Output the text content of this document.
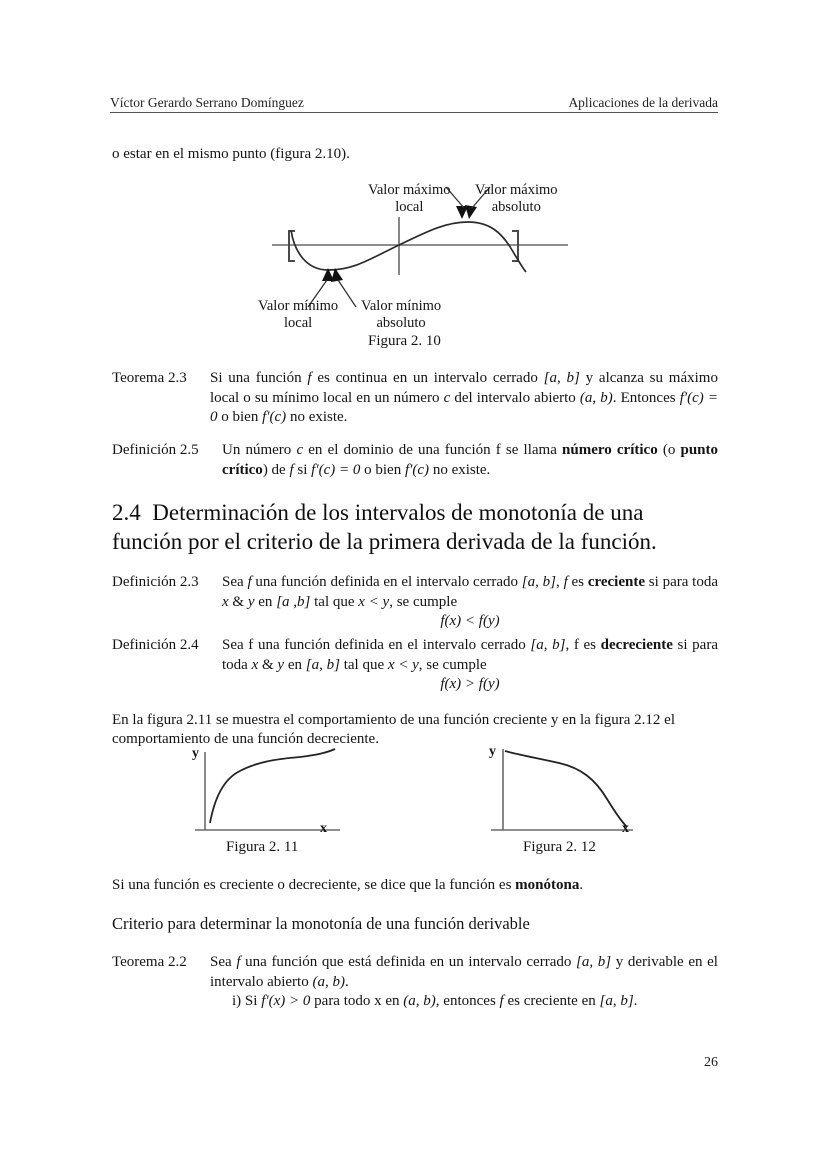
Víctor Gerardo Serrano Domínguez	Aplicaciones de la derivada
o estar en el mismo punto (figura 2.10).
Valor máximo
local
Valor máximo
absoluto
Valor mínimo
local
Valor mínimo
absoluto
Figura 2. 10
Teorema 2.3	Si una función f es continua en un intervalo cerrado [a, b] y alcanza su máximo local o su mínimo local en un número c del intervalo abierto (a, b). Entonces f′(c) = 0 o bien f′(c) no existe.
Definición 2.5	Un número c en el dominio de una función f se llama número crítico (o punto crítico) de f si f′(c) = 0 o bien f′(c) no existe.
2.4 Determinación de los intervalos de monotonía de una
función por el criterio de la primera derivada de la función.
Definición 2.3	Sea f una función definida en el intervalo cerrado [a, b], f es creciente si para toda x & y en [a ,b] tal que x < y, se cumple
f(x) < f(y)
Definición 2.4	Sea f una función definida en el intervalo cerrado [a, b], f es decreciente si para toda x & y en [a, b] tal que x < y, se cumple
f(x) > f(y)
En la figura 2.11 se muestra el comportamiento de una función creciente y en la figura 2.12 el comportamiento de una función decreciente.
y
x
Figura 2. 11
y
x
Figura 2. 12
Si una función es creciente o decreciente, se dice que la función es monótona.
Criterio para determinar la monotonía de una función derivable
Teorema 2.2	Sea f una función que está definida en un intervalo cerrado [a, b] y derivable en el intervalo abierto (a, b).
i) Si f′(x) > 0 para todo x en (a, b), entonces f es creciente en [a, b].
26
